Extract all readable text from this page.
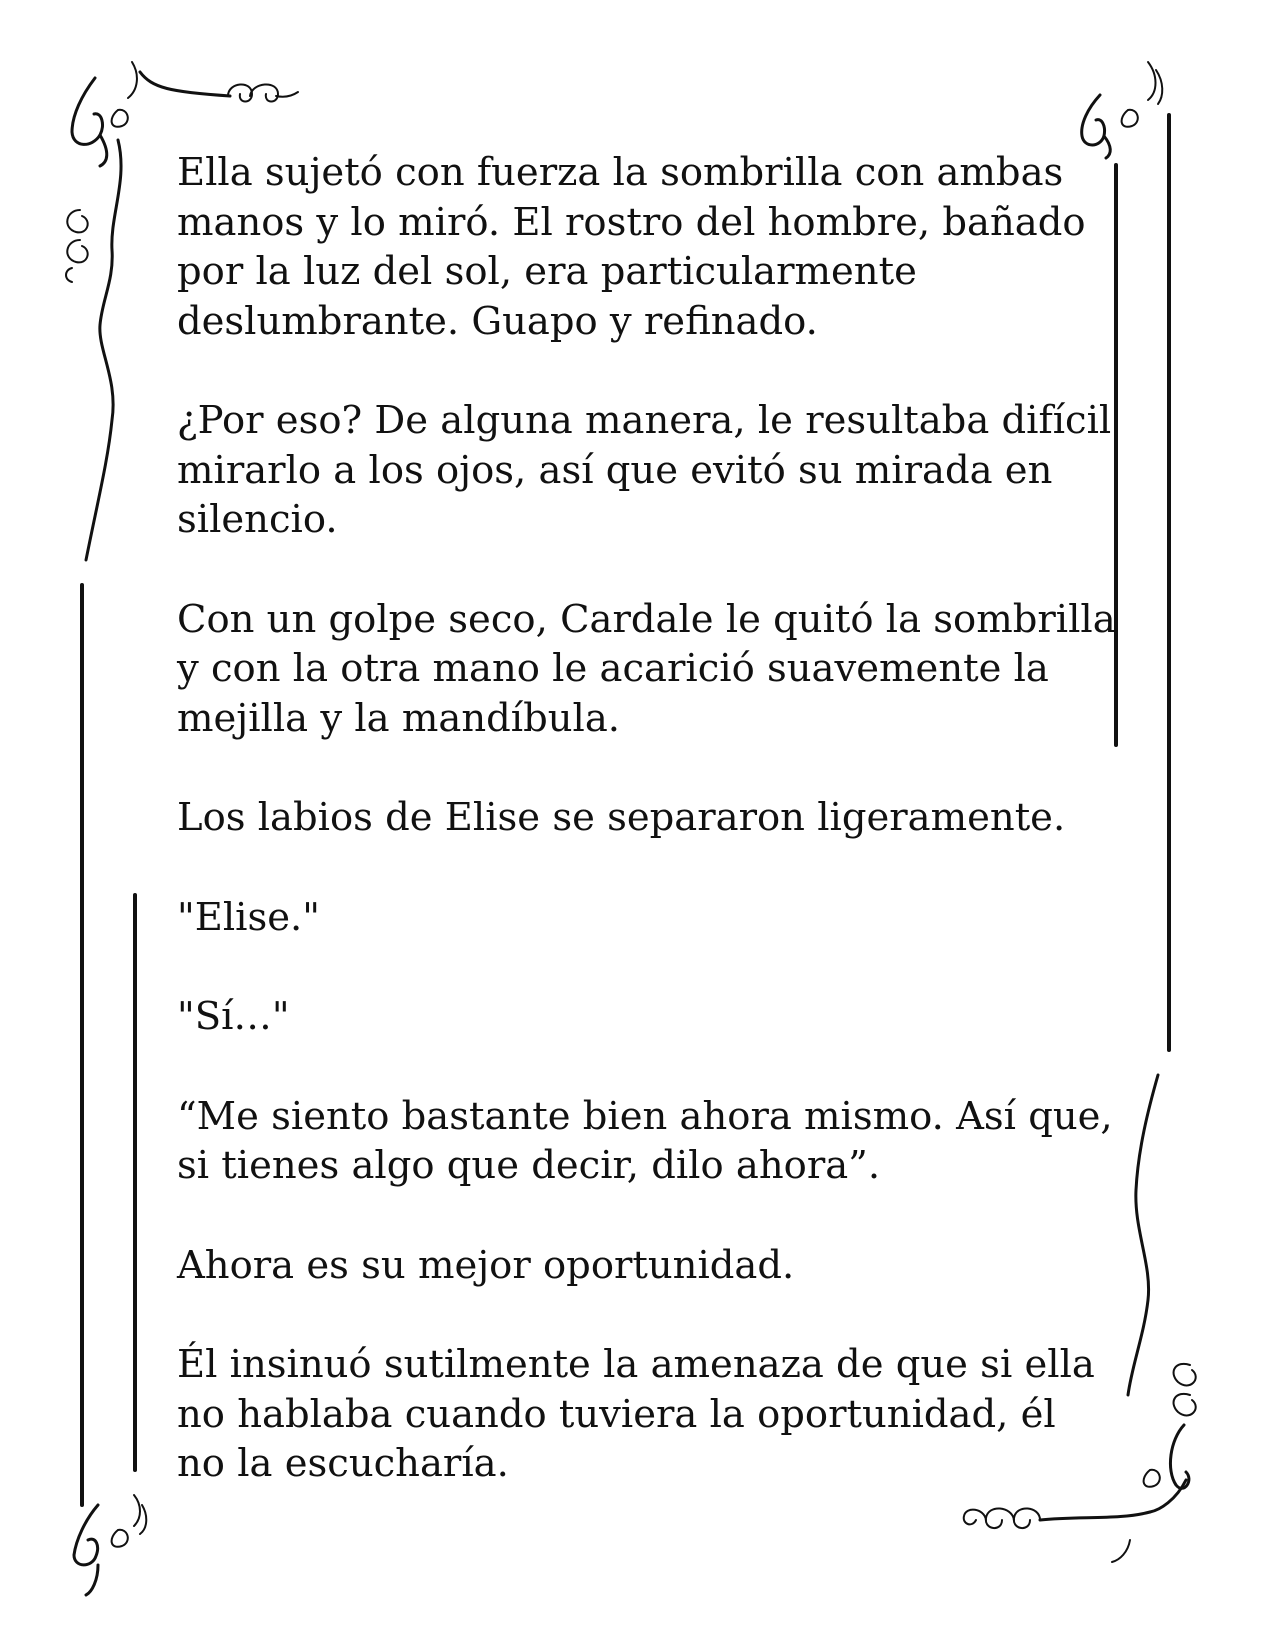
Ella sujetó con fuerza la sombrilla con ambas
manos y lo miró. El rostro del hombre, bañado
por la luz del sol, era particularmente
deslumbrante. Guapo y refinado.
¿Por eso? De alguna manera, le resultaba difícil
mirarlo a los ojos, así que evitó su mirada en
silencio.
Con un golpe seco, Cardale le quitó la sombrilla
y con la otra mano le acarició suavemente la
mejilla y la mandíbula.
Los labios de Elise se separaron ligeramente.
"Elise."
"Sí…"
“Me siento bastante bien ahora mismo. Así que,
si tienes algo que decir, dilo ahora”.
Ahora es su mejor oportunidad.
Él insinuó sutilmente la amenaza de que si ella
no hablaba cuando tuviera la oportunidad, él
no la escucharía.
